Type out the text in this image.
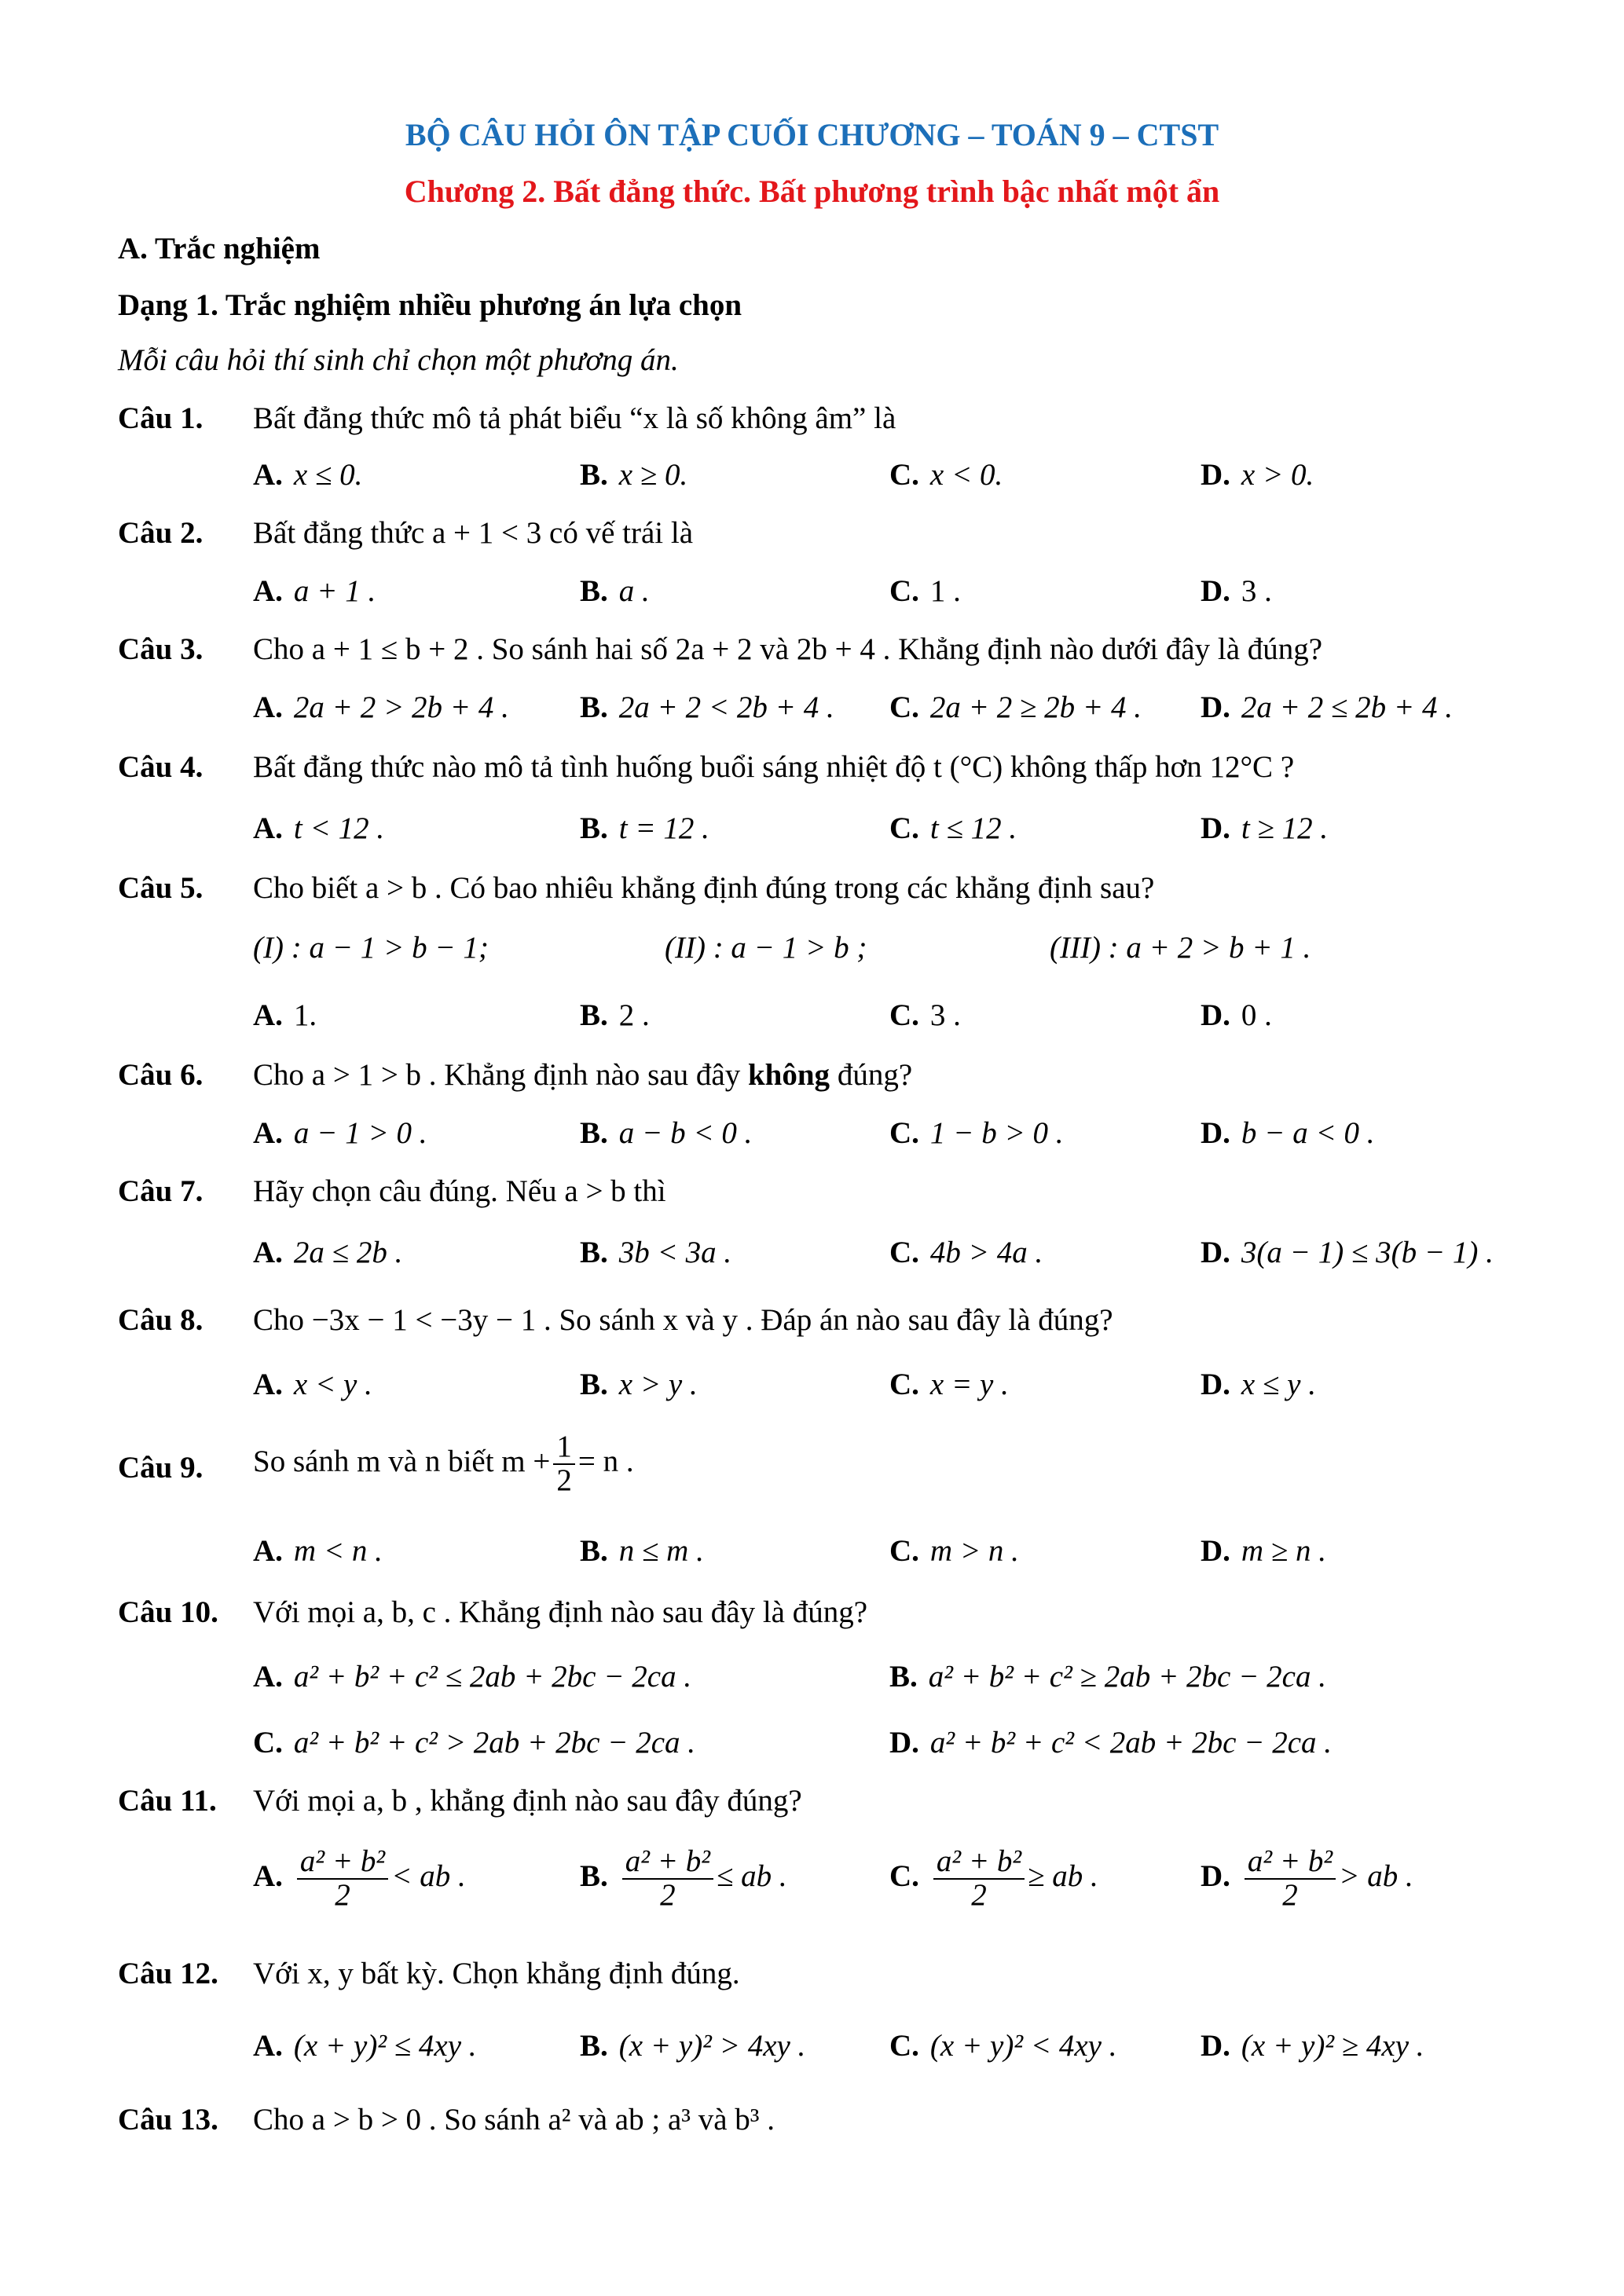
BỘ CÂU HỎI ÔN TẬP CUỐI CHƯƠNG – TOÁN 9 – CTST
Chương 2. Bất đẳng thức. Bất phương trình bậc nhất một ẩn
A. Trắc nghiệm
Dạng 1. Trắc nghiệm nhiều phương án lựa chọn
Mỗi câu hỏi thí sinh chỉ chọn một phương án.
Câu 1. Bất đẳng thức mô tả phát biểu “x là số không âm” là
A. x ≤ 0.	B. x ≥ 0.	C. x < 0.	D. x > 0.
Câu 2. Bất đẳng thức a + 1 < 3 có vế trái là
A. a + 1 .	B. a .	C. 1 .	D. 3 .
Câu 3. Cho a + 1 ≤ b + 2 . So sánh hai số 2a + 2 và 2b + 4 . Khẳng định nào dưới đây là đúng?
A. 2a + 2 > 2b + 4 . B. 2a + 2 < 2b + 4 . C. 2a + 2 ≥ 2b + 4 . D. 2a + 2 ≤ 2b + 4 .
Câu 4. Bất đẳng thức nào mô tả tình huống buổi sáng nhiệt độ t (°C) không thấp hơn 12°C ?
A. t < 12 .	B. t = 12 .	C. t ≤ 12 .	D. t ≥ 12 .
Câu 5. Cho biết a > b . Có bao nhiêu khẳng định đúng trong các khẳng định sau?
(I) : a − 1 > b − 1;	(II) : a − 1 > b ;	(III) : a + 2 > b + 1 .
A. 1.	B. 2 .	C. 3 .	D. 0 .
Câu 6. Cho a > 1 > b . Khẳng định nào sau đây không đúng?
A. a − 1 > 0 .	B. a − b < 0 .	C. 1 − b > 0 .	D. b − a < 0 .
Câu 7. Hãy chọn câu đúng. Nếu a > b thì
A. 2a ≤ 2b .	B. 3b < 3a .	C. 4b > 4a .	D. 3(a − 1) ≤ 3(b − 1) .
Câu 8. Cho −3x − 1 < −3y − 1 . So sánh x và y . Đáp án nào sau đây là đúng?
A. x < y .	B. x > y .	C. x = y .	D. x ≤ y .
Câu 9. So sánh m và n biết $m + \frac{1}{2} = n$ .
A. m < n .	B. n ≤ m .	C. m > n .	D. m ≥ n .
Câu 10. Với mọi a, b, c . Khẳng định nào sau đây là đúng?
A. a² + b² + c² ≤ 2ab + 2bc − 2ca .	B. a² + b² + c² ≥ 2ab + 2bc − 2ca .
C. a² + b² + c² > 2ab + 2bc − 2ca .	D. a² + b² + c² < 2ab + 2bc − 2ca .
Câu 11. Với mọi a, b , khẳng định nào sau đây đúng?
A. $\frac{\text{a² + b²}}{2}$ < ab .	B. $\frac{\text{a² + b²}}{2}$ ≤ ab .	C. $\frac{\text{a² + b²}}{2}$ ≥ ab .	D. $\frac{\text{a² + b²}}{2}$ > ab .
Câu 12. Với x, y bất kỳ. Chọn khẳng định đúng.
A. (x + y)² ≤ 4xy .	B. (x + y)² > 4xy .	C. (x + y)² < 4xy .	D. (x + y)² ≥ 4xy .
Câu 13. Cho a > b > 0 . So sánh a² và ab ; a³ và b³ .
